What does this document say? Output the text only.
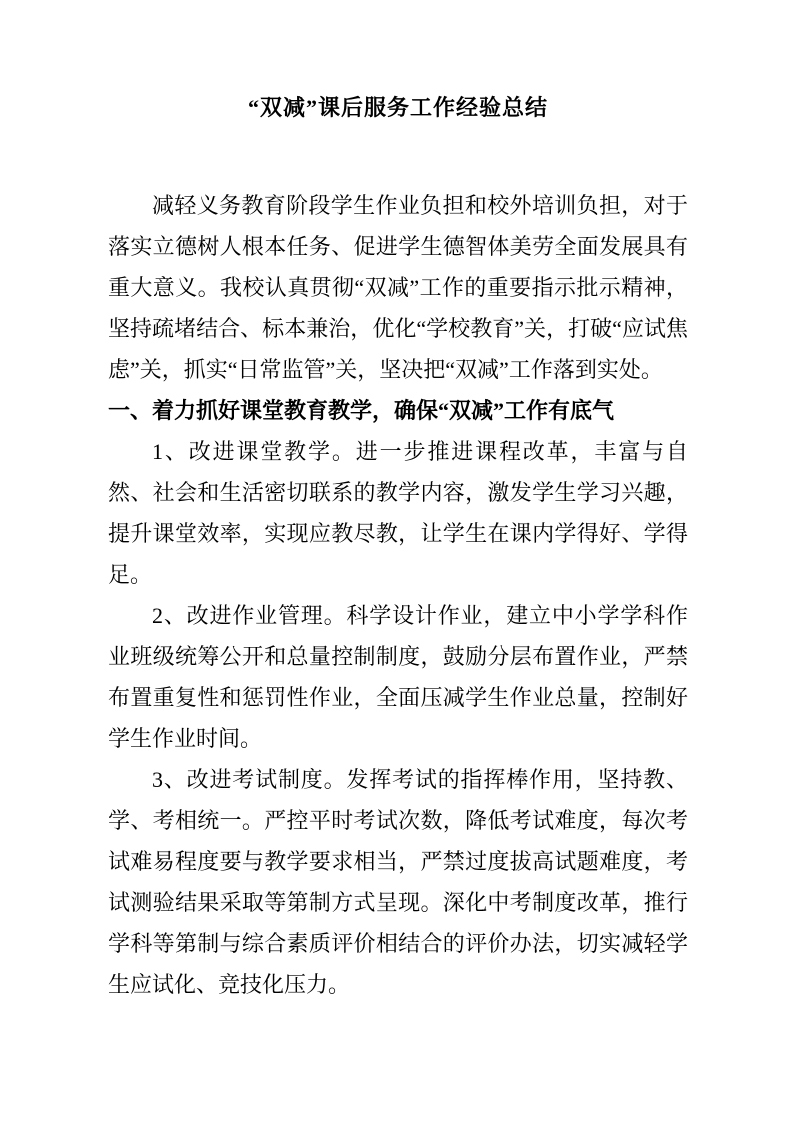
“双减”课后服务工作经验总结

减轻义务教育阶段学生作业负担和校外培训负担，对于落实立德树人根本任务、促进学生德智体美劳全面发展具有重大意义。我校认真贯彻“双减”工作的重要指示批示精神，坚持疏堵结合、标本兼治，优化“学校教育”关，打破“应试焦虑”关，抓实“日常监管”关，坚决把“双减”工作落到实处。

一、着力抓好课堂教育教学，确保“双减”工作有底气

1、改进课堂教学。进一步推进课程改革，丰富与自然、社会和生活密切联系的教学内容，激发学生学习兴趣，提升课堂效率，实现应教尽教，让学生在课内学得好、学得足。

2、改进作业管理。科学设计作业，建立中小学学科作业班级统筹公开和总量控制制度，鼓励分层布置作业，严禁布置重复性和惩罚性作业，全面压减学生作业总量，控制好学生作业时间。

3、改进考试制度。发挥考试的指挥棒作用，坚持教、学、考相统一。严控平时考试次数，降低考试难度，每次考试难易程度要与教学要求相当，严禁过度拔高试题难度，考试测验结果采取等第制方式呈现。深化中考制度改革，推行学科等第制与综合素质评价相结合的评价办法，切实减轻学生应试化、竞技化压力。
